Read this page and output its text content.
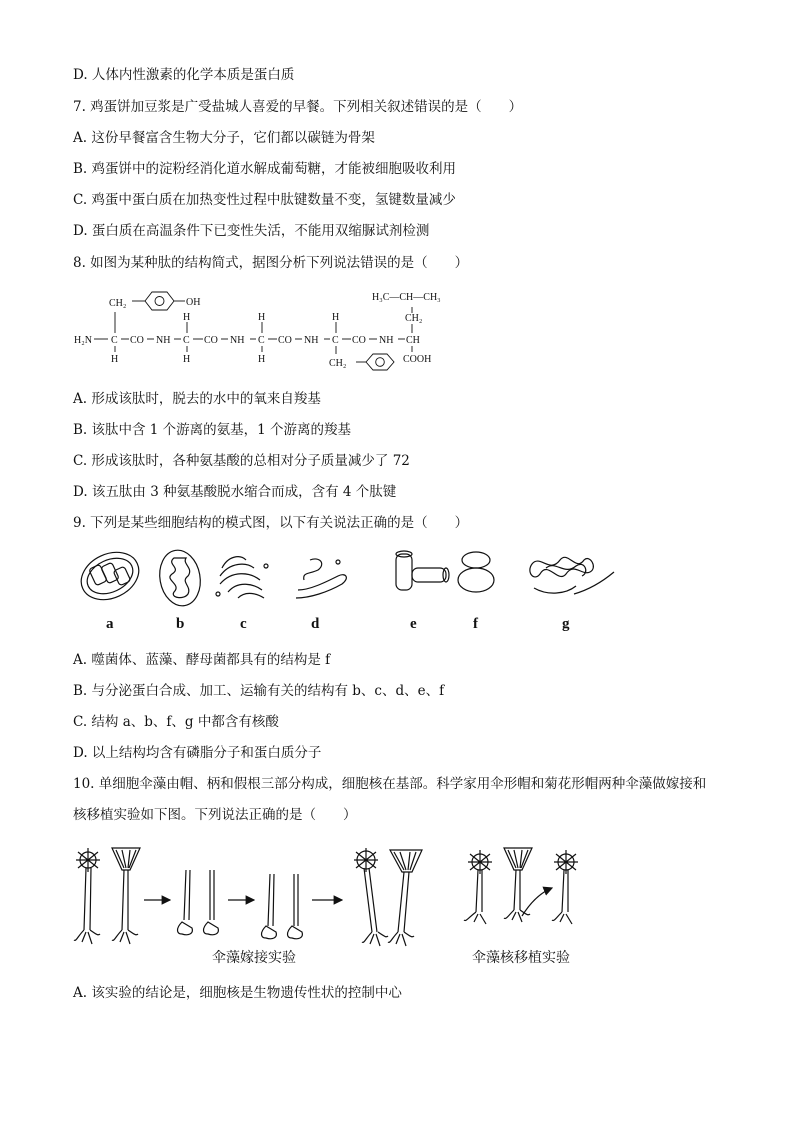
D. 人体内性激素的化学本质是蛋白质
7. 鸡蛋饼加豆浆是广受盐城人喜爱的早餐。下列相关叙述错误的是（　　）
A. 这份早餐富含生物大分子，它们都以碳链为骨架
B. 鸡蛋饼中的淀粉经消化道水解成葡萄糖，才能被细胞吸收利用
C. 鸡蛋中蛋白质在加热变性过程中肽键数量不变，氢键数量减少
D. 蛋白质在高温条件下已变性失活，不能用双缩脲试剂检测
8. 如图为某种肽的结构简式，据图分析下列说法错误的是（　　）
CH₂	OH	H₃C—CH—CH₃
CH₂
H₂N C CO NH C CO NH C CO NH C CO NH CH
H	H	H
H	H	H	CH₂	COOH
A. 形成该肽时，脱去的水中的氧来自羧基
B. 该肽中含 1 个游离的氨基，1 个游离的羧基
C. 形成该肽时，各种氨基酸的总相对分子质量减少了 72
D. 该五肽由 3 种氨基酸脱水缩合而成，含有 4 个肽键
9. 下列是某些细胞结构的模式图，以下有关说法正确的是（　　）
a	b	c	d	e	f	g
A. 噬菌体、蓝藻、酵母菌都具有的结构是 f
B. 与分泌蛋白合成、加工、运输有关的结构有 b、c、d、e、f
C. 结构 a、b、f、g 中都含有核酸
D. 以上结构均含有磷脂分子和蛋白质分子
10. 单细胞伞藻由帽、柄和假根三部分构成，细胞核在基部。科学家用伞形帽和菊花形帽两种伞藻做嫁接和
核移植实验如下图。下列说法正确的是（　　）
伞藻嫁接实验	伞藻核移植实验
A. 该实验的结论是，细胞核是生物遗传性状的控制中心
